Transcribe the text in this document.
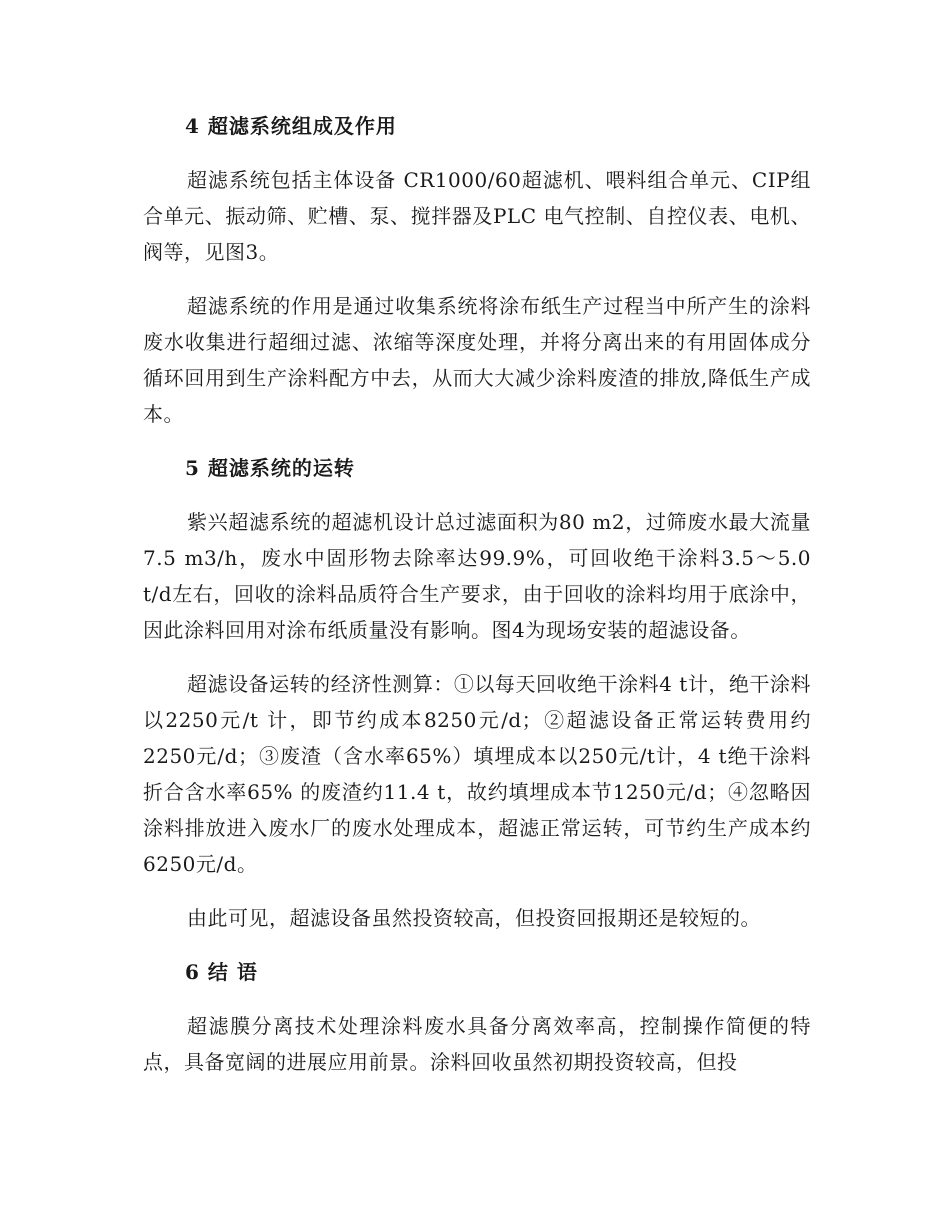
4 超滤系统组成及作用

超滤系统包括主体设备 CR1000/60超滤机、喂料组合单元、CIP组合单元、振动筛、贮槽、泵、搅拌器及PLC 电气控制、自控仪表、电机、阀等，见图3。

超滤系统的作用是通过收集系统将涂布纸生产过程当中所产生的涂料废水收集进行超细过滤、浓缩等深度处理，并将分离出来的有用固体成分循环回用到生产涂料配方中去，从而大大减少涂料废渣的排放,降低生产成本。

5 超滤系统的运转

紫兴超滤系统的超滤机设计总过滤面积为80 m2，过筛废水最大流量7.5 m3/h，废水中固形物去除率达99.9%，可回收绝干涂料3.5～5.0 t/d左右，回收的涂料品质符合生产要求，由于回收的涂料均用于底涂中，因此涂料回用对涂布纸质量没有影响。图4为现场安装的超滤设备。

超滤设备运转的经济性测算：①以每天回收绝干涂料4 t计，绝干涂料以2250元/t 计，即节约成本8250元/d；②超滤设备正常运转费用约2250元/d；③废渣（含水率65%）填埋成本以250元/t计，4 t绝干涂料折合含水率65% 的废渣约11.4 t，故约填埋成本节1250元/d；④忽略因涂料排放进入废水厂的废水处理成本，超滤正常运转，可节约生产成本约6250元/d。

由此可见，超滤设备虽然投资较高，但投资回报期还是较短的。

6 结 语

超滤膜分离技术处理涂料废水具备分离效率高，控制操作简便的特点，具备宽阔的进展应用前景。涂料回收虽然初期投资较高，但投
